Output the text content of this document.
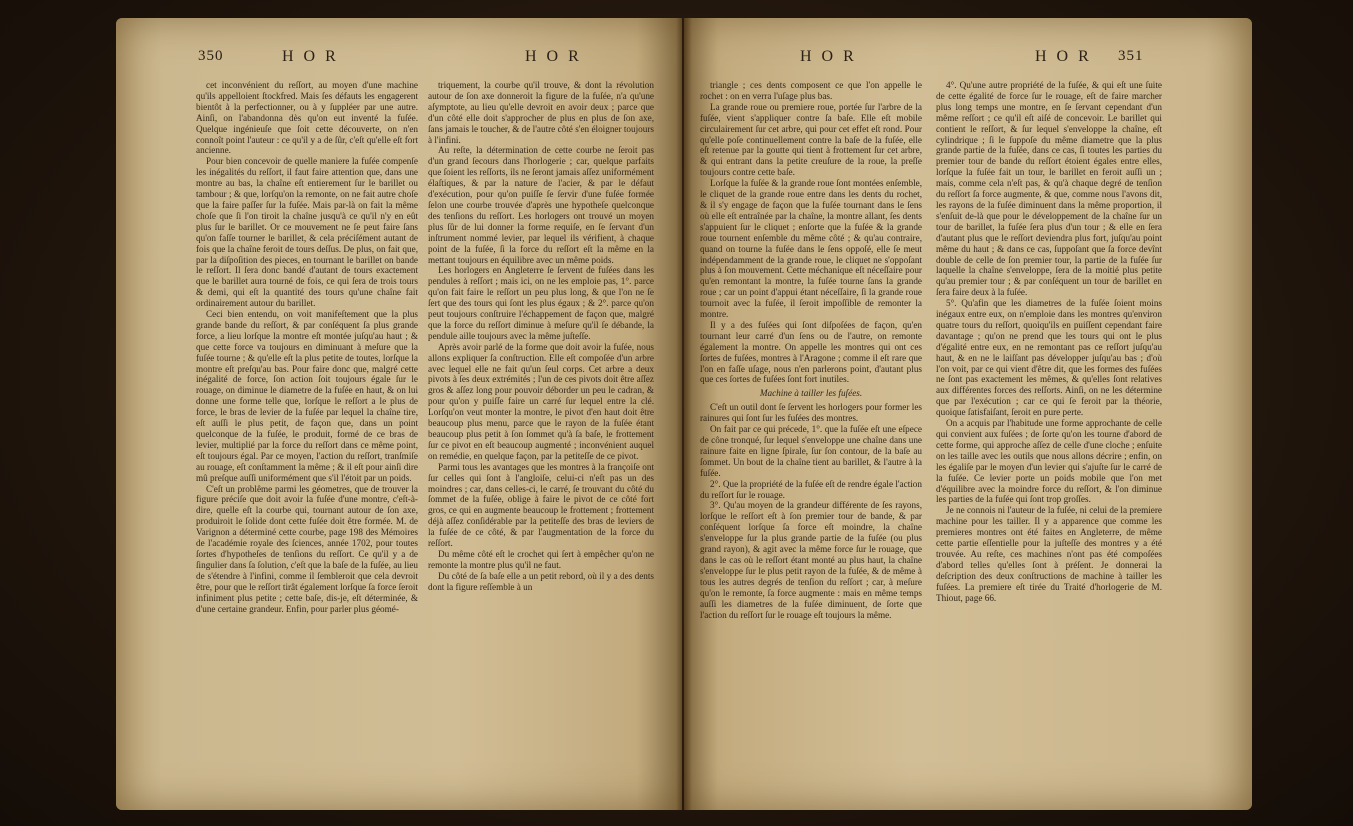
350	H O R	H O R	H O R	H O R 351

cet inconvénient du reſſort, au moyen d'une machine qu'ils appelloient ſtockfred. Mais ſes défauts les engagerent bientôt à la perfectionner, ou à y ſuppléer par une autre. Ainſi, on l'abandonna dès qu'on eut inventé la fuſée. Quelque ingénieuſe que ſoit cette découverte, on n'en connoît point l'auteur : ce qu'il y a de ſûr, c'eſt qu'elle eſt fort ancienne.

Pour bien concevoir de quelle maniere la fuſée compenſe les inégalités du reſſort, il faut faire attention que, dans une montre au bas, la chaîne eſt entierement ſur le barillet ou tambour ; & que, lorſqu'on la remonte, on ne fait autre choſe que la faire paſſer ſur la fuſée. Mais par-là on fait la même choſe que ſi l'on tiroit la chaîne jusqu'à ce qu'il n'y en eût plus ſur le barillet. Or ce mouvement ne ſe peut faire ſans qu'on faſſe tourner le barillet, & cela préciſément autant de fois que la chaîne feroit de tours deſſus. De plus, on fait que, par la diſpoſition des pieces, en tournant le barillet on bande le reſſort. Il ſera donc bandé d'autant de tours exactement que le barillet aura tourné de fois, ce qui ſera de trois tours & demi, qui eſt la quantité des tours qu'une chaîne fait ordinairement autour du barillet.

Ceci bien entendu, on voit manifeſtement que la plus grande bande du reſſort, & par conſéquent ſa plus grande force, a lieu lorſque la montre eſt montée juſqu'au haut ; & que cette force va toujours en diminuant à meſure que la fuſée tourne ; & qu'elle eſt la plus petite de toutes, lorſque la montre eſt preſqu'au bas. Pour faire donc que, malgré cette inégalité de force, ſon action ſoit toujours égale ſur le rouage, on diminue le diametre de la fuſée en haut, & on lui donne une forme telle que, lorſque le reſſort a le plus de force, le bras de levier de la fuſée par lequel la chaîne tire, eſt auſſi le plus petit, de façon que, dans un point quelconque de la fuſée, le produit, formé de ce bras de levier, multiplié par la force du reſſort dans ce même point, eſt toujours égal. Par ce moyen, l'action du reſſort, tranſmiſe au rouage, eſt conſtamment la même ; & il eſt pour ainſi dire mû preſque auſſi uniformément que s'il l'étoit par un poids.

C'eſt un problême parmi les géometres, que de trouver la figure préciſe que doit avoir la fuſée d'une montre, c'eſt-à-dire, quelle eſt la courbe qui, tournant autour de ſon axe, produiroit le ſolide dont cette fuſée doit être formée. M. de Varignon a déterminé cette courbe, page 198 des Mémoires de l'académie royale des ſciences, année 1702, pour toutes ſortes d'hypotheſes de tenſions du reſſort. Ce qu'il y a de ſingulier dans ſa ſolution, c'eſt que la baſe de la fuſée, au lieu de s'étendre à l'infini, comme il ſembleroit que cela devroit être, pour que le reſſort tirât également lorſque ſa force ſeroit infiniment plus petite ; cette baſe, dis-je, eſt déterminée, & d'une certaine grandeur. Enfin, pour parler plus géomé-

triquement, la courbe qu'il trouve, & dont la révolution autour de ſon axe donneroit la figure de la fuſée, n'a qu'une aſymptote, au lieu qu'elle devroit en avoir deux ; parce que d'un côté elle doit s'approcher de plus en plus de ſon axe, ſans jamais le toucher, & de l'autre côté s'en éloigner toujours à l'infini.

Au reſte, la détermination de cette courbe ne ſeroit pas d'un grand ſecours dans l'horlogerie ; car, quelque parfaits que ſoient les reſſorts, ils ne ſeront jamais aſſez uniformément élaſtiques, & par la nature de l'acier, & par le défaut d'exécution, pour qu'on puiſſe ſe ſervir d'une fuſée formée ſelon une courbe trouvée d'après une hypotheſe quelconque des tenſions du reſſort. Les horlogers ont trouvé un moyen plus ſûr de lui donner la forme requiſe, en ſe ſervant d'un inſtrument nommé levier, par lequel ils vérifient, à chaque point de la fuſée, ſi la force du reſſort eſt la même en la mettant toujours en équilibre avec un même poids.

Les horlogers en Angleterre ſe ſervent de fuſées dans les pendules à reſſort ; mais ici, on ne les emploie pas, 1°. parce qu'on fait faire le reſſort un peu plus long, & que l'on ne ſe ſert que des tours qui ſont les plus égaux ; & 2°. parce qu'on peut toujours conſtruire l'échappement de façon que, malgré que la force du reſſort diminue à meſure qu'il ſe débande, la pendule aille toujours avec la même juſteſſe.

Après avoir parlé de la forme que doit avoir la fuſée, nous allons expliquer ſa conſtruction. Elle eſt compoſée d'un arbre avec lequel elle ne fait qu'un ſeul corps. Cet arbre a deux pivots à ſes deux extrémités ; l'un de ces pivots doit être aſſez gros & aſſez long pour pouvoir déborder un peu le cadran, & pour qu'on y puiſſe faire un carré ſur lequel entre la clé. Lorſqu'on veut monter la montre, le pivot d'en haut doit être beaucoup plus menu, parce que le rayon de la fuſée étant beaucoup plus petit à ſon ſommet qu'à ſa baſe, le frottement ſur ce pivot en eſt beaucoup augmenté ; inconvénient auquel on remédie, en quelque façon, par la petiteſſe de ce pivot.

Parmi tous les avantages que les montres à la françoiſe ont ſur celles qui ſont à l'angloiſe, celui-ci n'eſt pas un des moindres ; car, dans celles-ci, le carré, ſe trouvant du côté du ſommet de la fuſée, oblige à faire le pivot de ce côté fort gros, ce qui en augmente beaucoup le frottement ; frottement déjà aſſez conſidérable par la petiteſſe des bras de leviers de la fuſée de ce côté, & par l'augmentation de la force du reſſort.

Du même côté eſt le crochet qui ſert à empêcher qu'on ne remonte la montre plus qu'il ne faut.

Du côté de ſa baſe elle a un petit rebord, où il y a des dents dont la figure reſſemble à un

triangle ; ces dents composent ce que l'on appelle le rochet : on en verra l'uſage plus bas.

La grande roue ou premiere roue, portée ſur l'arbre de la fuſée, vient s'appliquer contre ſa baſe. Elle eſt mobile circulairement ſur cet arbre, qui pour cet effet eſt rond. Pour qu'elle poſe continuellement contre la baſe de la fuſée, elle eſt retenue par la goutte qui tient à frottement ſur cet arbre, & qui entrant dans la petite creuſure de la roue, la preſſe toujours contre cette baſe.

Lorſque la fuſée & la grande roue ſont montées enſemble, le cliquet de la grande roue entre dans les dents du rochet, & il s'y engage de façon que la fuſée tournant dans le ſens où elle eſt entraînée par la chaîne, la montre allant, ſes dents s'appuient ſur le cliquet ; enſorte que la fuſée & la grande roue tournent enſemble du même côté ; & qu'au contraire, quand on tourne la fuſée dans le ſens oppoſé, elle ſe meut indépendamment de la grande roue, le cliquet ne s'oppoſant plus à ſon mouvement. Cette méchanique eſt néceſſaire pour qu'en remontant la montre, la fuſée tourne ſans la grande roue ; car un point d'appui étant néceſſaire, ſi la grande roue tournoit avec la fuſée, il ſeroit impoſſible de remonter la montre.

Il y a des fuſées qui ſont diſpoſées de façon, qu'en tournant leur carré d'un ſens ou de l'autre, on remonte également la montre. On appelle les montres qui ont ces ſortes de fuſées, montres à l'Aragone ; comme il eſt rare que l'on en faſſe uſage, nous n'en parlerons point, d'autant plus que ces ſortes de fuſées ſont fort inutiles.

Machine à tailler les fuſées.

C'eſt un outil dont ſe ſervent les horlogers pour former les rainures qui ſont ſur les fuſées des montres.

On fait par ce qui précede, 1°. que la fuſée eſt une eſpece de cône tronqué, ſur lequel s'enveloppe une chaîne dans une rainure faite en ligne ſpirale, ſur ſon contour, de la baſe au ſommet. Un bout de la chaîne tient au barillet, & l'autre à la fuſée.

2°. Que la propriété de la fuſée eſt de rendre égale l'action du reſſort ſur le rouage.

3°. Qu'au moyen de la grandeur différente de ſes rayons, lorſque le reſſort eſt à ſon premier tour de bande, & par conſéquent lorſque ſa force eſt moindre, la chaîne s'enveloppe ſur la plus grande partie de la fuſée (ou plus grand rayon), & agit avec la même force ſur le rouage, que dans le cas où le reſſort étant monté au plus haut, la chaîne s'enveloppe ſur le plus petit rayon de la fuſée, & de même à tous les autres degrés de tenſion du reſſort ; car, à meſure qu'on le remonte, ſa force augmente : mais en même temps auſſi les diametres de la fuſée diminuent, de ſorte que l'action du reſſort ſur le rouage eſt toujours la même.

4°. Qu'une autre propriété de la fuſée, & qui eſt une ſuite de cette égalité de force ſur le rouage, eſt de faire marcher plus long temps une montre, en ſe ſervant cependant d'un même reſſort ; ce qu'il eſt aiſé de concevoir. Le barillet qui contient le reſſort, & ſur lequel s'enveloppe la chaîne, eſt cylindrique ; ſi le ſuppoſe du même diametre que la plus grande partie de la fuſée, dans ce cas, ſi toutes les parties du premier tour de bande du reſſort étoient égales entre elles, lorſque la fuſée fait un tour, le barillet en feroit auſſi un ; mais, comme cela n'eſt pas, & qu'à chaque degré de tenſion du reſſort ſa force augmente, & que, comme nous l'avons dit, les rayons de la fuſée diminuent dans la même proportion, il s'enſuit de-là que pour le développement de la chaîne ſur un tour de barillet, la fuſée ſera plus d'un tour ; & elle en ſera d'autant plus que le reſſort deviendra plus fort, juſqu'au point même du haut ; & dans ce cas, ſuppoſant que ſa force devînt double de celle de ſon premier tour, la partie de la fuſée ſur laquelle la chaîne s'enveloppe, ſera de la moitié plus petite qu'au premier tour ; & par conſéquent un tour de barillet en ſera faire deux à la fuſée.

5°. Qu'afin que les diametres de la fuſée ſoient moins inégaux entre eux, on n'emploie dans les montres qu'environ quatre tours du reſſort, quoiqu'ils en puiſſent cependant faire davantage ; qu'on ne prend que les tours qui ont le plus d'égalité entre eux, en ne remontant pas ce reſſort juſqu'au haut, & en ne le laiſſant pas développer juſqu'au bas ; d'où l'on voit, par ce qui vient d'être dit, que les formes des fuſées ne ſont pas exactement les mêmes, & qu'elles ſont relatives aux différentes forces des reſſorts. Ainſi, on ne les détermine que par l'exécution ; car ce qui ſe feroit par la théorie, quoique ſatisfaiſant, ſeroit en pure perte.

On a acquis par l'habitude une forme approchante de celle qui convient aux fuſées ; de ſorte qu'on les tourne d'abord de cette forme, qui approche aſſez de celle d'une cloche ; enſuite on les taille avec les outils que nous allons décrire ; enfin, on les égaliſe par le moyen d'un levier qui s'ajuſte ſur le carré de la fuſée. Ce levier porte un poids mobile que l'on met d'équilibre avec la moindre force du reſſort, & l'on diminue les parties de la fuſée qui ſont trop groſſes.

Je ne connois ni l'auteur de la fuſée, ni celui de la premiere machine pour les tailler. Il y a apparence que comme les premieres montres ont été faites en Angleterre, de même cette partie eſſentielle pour la juſteſſe des montres y a été trouvée. Au reſte, ces machines n'ont pas été compoſées d'abord telles qu'elles ſont à préſent. Je donnerai la deſcription des deux conſtructions de machine à tailler les fuſées. La premiere eſt tirée du Traité d'horlogerie de M. Thiout, page 66.
